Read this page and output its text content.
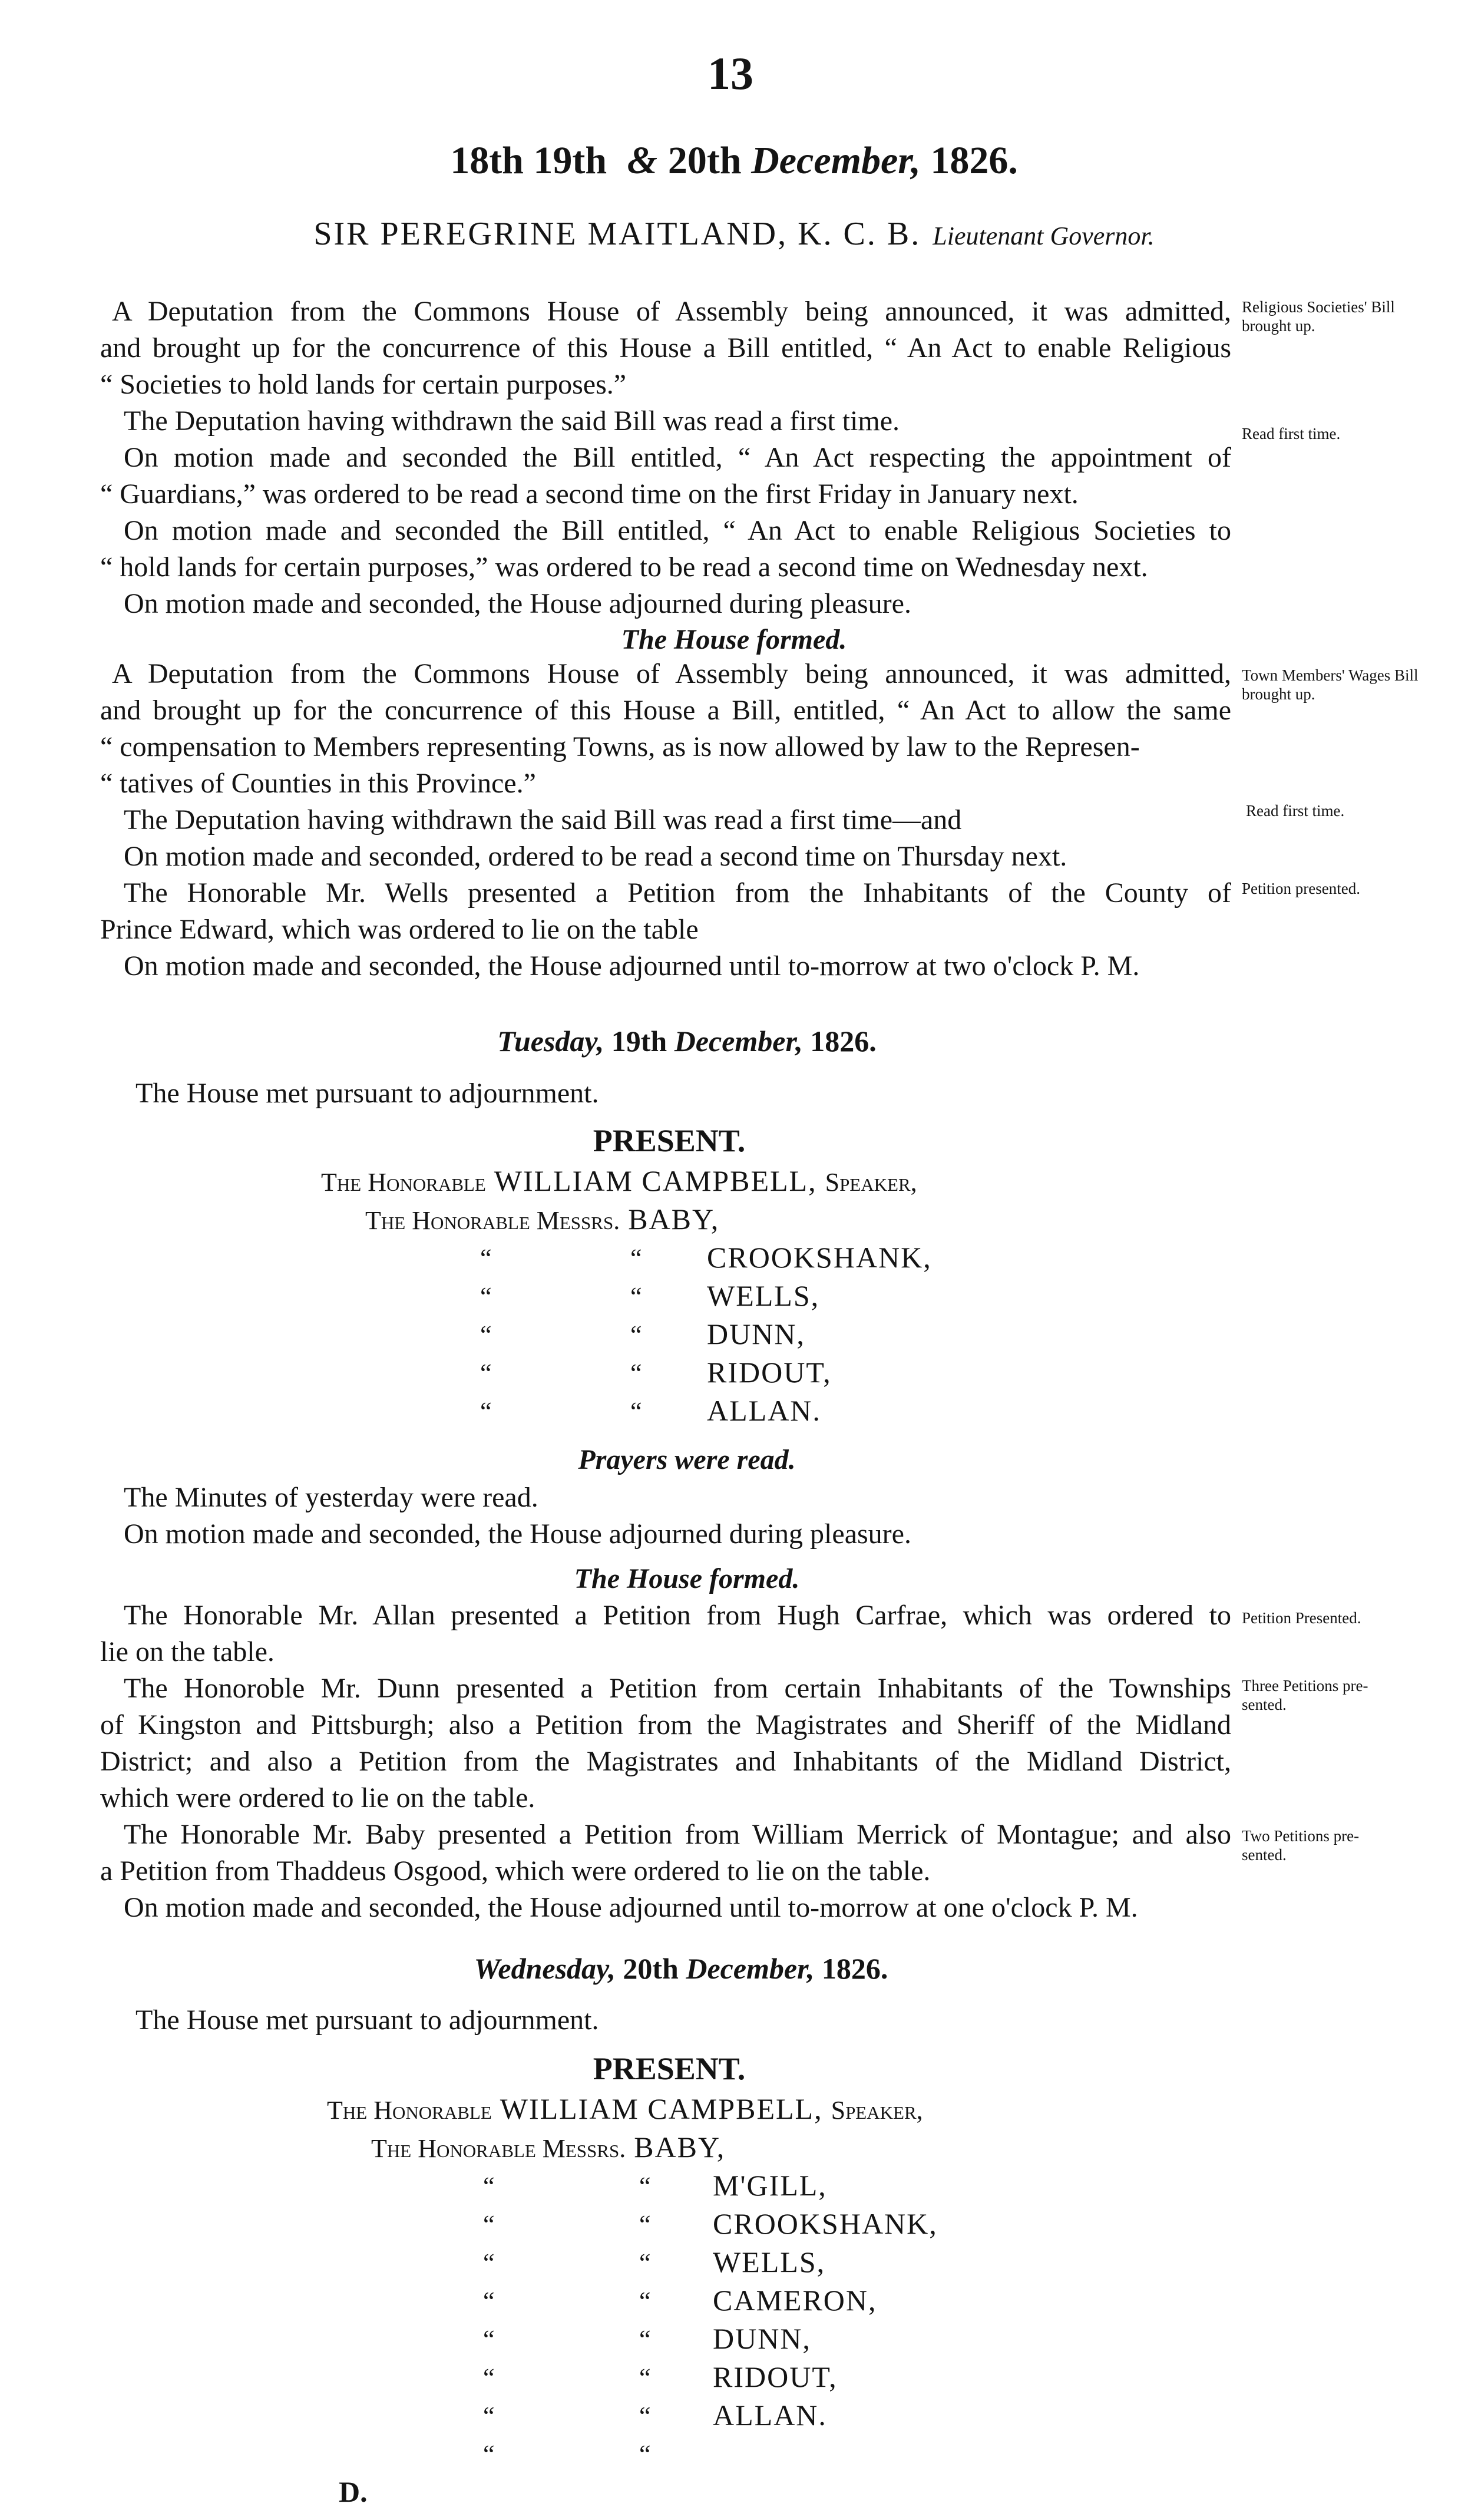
13
18th 19th & 20th December, 1826.
SIR PEREGRINE MAITLAND, K. C. B. Lieutenant Governor.
A Deputation from the Commons House of Assembly being announced, it was admitted,
and brought up for the concurrence of this House a Bill entitled, “ An Act to enable Religious
“ Societies to hold lands for certain purposes.”
The Deputation having withdrawn the said Bill was read a first time.
On motion made and seconded the Bill entitled, “ An Act respecting the appointment of
“ Guardians,” was ordered to be read a second time on the first Friday in January next.
On motion made and seconded the Bill entitled, “ An Act to enable Religious Societies to
“ hold lands for certain purposes,” was ordered to be read a second time on Wednesday next.
On motion made and seconded, the House adjourned during pleasure.
The House formed.
A Deputation from the Commons House of Assembly being announced, it was admitted,
and brought up for the concurrence of this House a Bill, entitled, “ An Act to allow the same
“ compensation to Members representing Towns, as is now allowed by law to the Represen-
“ tatives of Counties in this Province.”
The Deputation having withdrawn the said Bill was read a first time—and
On motion made and seconded, ordered to be read a second time on Thursday next.
The Honorable Mr. Wells presented a Petition from the Inhabitants of the County of
Prince Edward, which was ordered to lie on the table
On motion made and seconded, the House adjourned until to-morrow at two o'clock P. M.
Religious Societies' Bill brought up.
Read first time.
Town Members' Wages Bill brought up.
Read first time.
Petition presented.
Tuesday, 19th December, 1826.
The House met pursuant to adjournment.
PRESENT.
The Honorable WILLIAM CAMPBELL, Speaker,
The Honorable Messrs. BABY,
“	“ CROOKSHANK,
“	“ WELLS,
“	“ DUNN,
“	“ RIDOUT,
“	“ ALLAN.
Prayers were read.
The Minutes of yesterday were read.
On motion made and seconded, the House adjourned during pleasure.
The House formed.
The Honorable Mr. Allan presented a Petition from Hugh Carfrae, which was ordered to
lie on the table.
The Honoroble Mr. Dunn presented a Petition from certain Inhabitants of the Townships
of Kingston and Pittsburgh; also a Petition from the Magistrates and Sheriff of the Midland
District; and also a Petition from the Magistrates and Inhabitants of the Midland District,
which were ordered to lie on the table.
The Honorable Mr. Baby presented a Petition from William Merrick of Montague; and also
a Petition from Thaddeus Osgood, which were ordered to lie on the table.
On motion made and seconded, the House adjourned until to-morrow at one o'clock P. M.
Petition Presented.
Three Petitions pre- sented.
Two Petitions pre- sented.
Wednesday, 20th December, 1826.
The House met pursuant to adjournment.
PRESENT.
The Honorable WILLIAM CAMPBELL, Speaker,
The Honorable Messrs. BABY,
“	“ M'GILL,
“	“ CROOKSHANK,
“	“ WELLS,
“	“ CAMERON,
“	“ DUNN,
“	“ RIDOUT,
“	“ ALLAN.
“	“
D.
